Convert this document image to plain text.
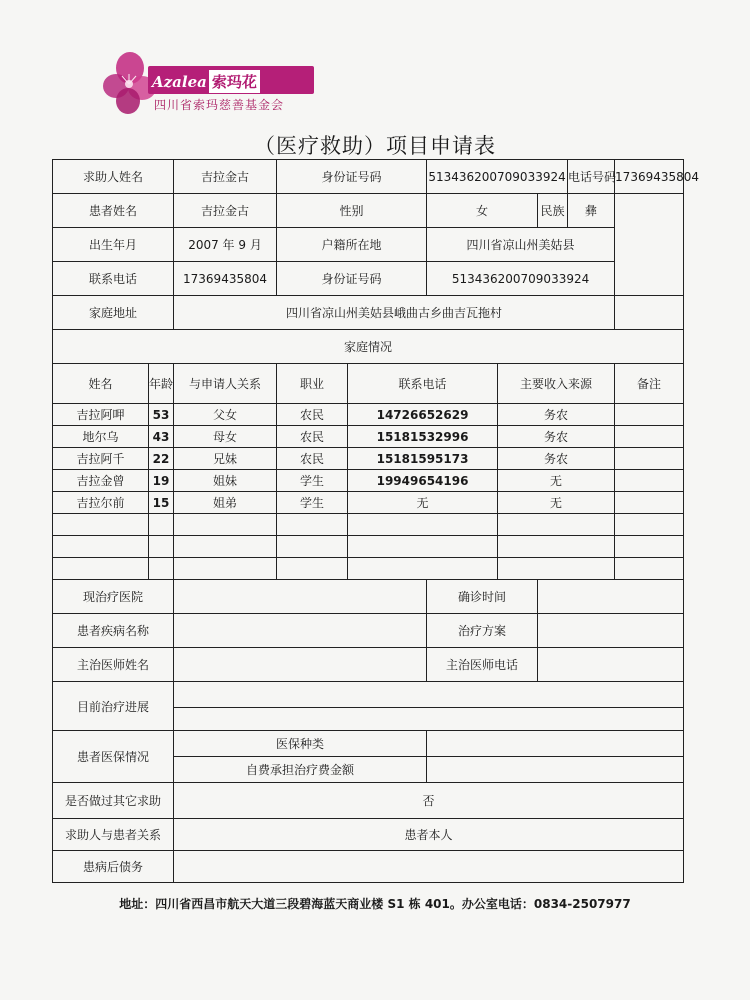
Azalea 索玛花
四川省索玛慈善基金会
（医疗救助）项目申请表
求助人姓名		吉拉金古	身份证号码		513436200709033924			电话号码	17369435804
患者姓名		吉拉金古	性别		女		民族	彝	
出生年月		2007 年 9 月	户籍所在地		四川省凉山州美姑县				
联系电话		17369435804	身份证号码		513436200709033924				
家庭地址		四川省凉山州美姑县峨曲古乡曲吉瓦拖村							
家庭情况									
姓名	年龄	与申请人关系	职业	联系电话		主要收入来源			备注
吉拉阿呷	53	父女	农民	14726652629		务农			
地尔乌	43	母女	农民	15181532996		务农			
吉拉阿千	22	兄妹	农民	15181595173		务农			
吉拉金曾	19	姐妹	学生	19949654196		无			
吉拉尔前	15	姐弟	学生	无		无			

现治疗医院					确诊时间				
患者疾病名称					治疗方案				
主治医师姓名					主治医师电话				
目前治疗进展									

患者医保情况		医保种类							
		自费承担治疗费金额							
是否做过其它求助		否							
求助人与患者关系		患者本人							
患病后债务									
地址：四川省西昌市航天大道三段碧海蓝天商业楼 S1 栋 401。办公室电话：0834-2507977
